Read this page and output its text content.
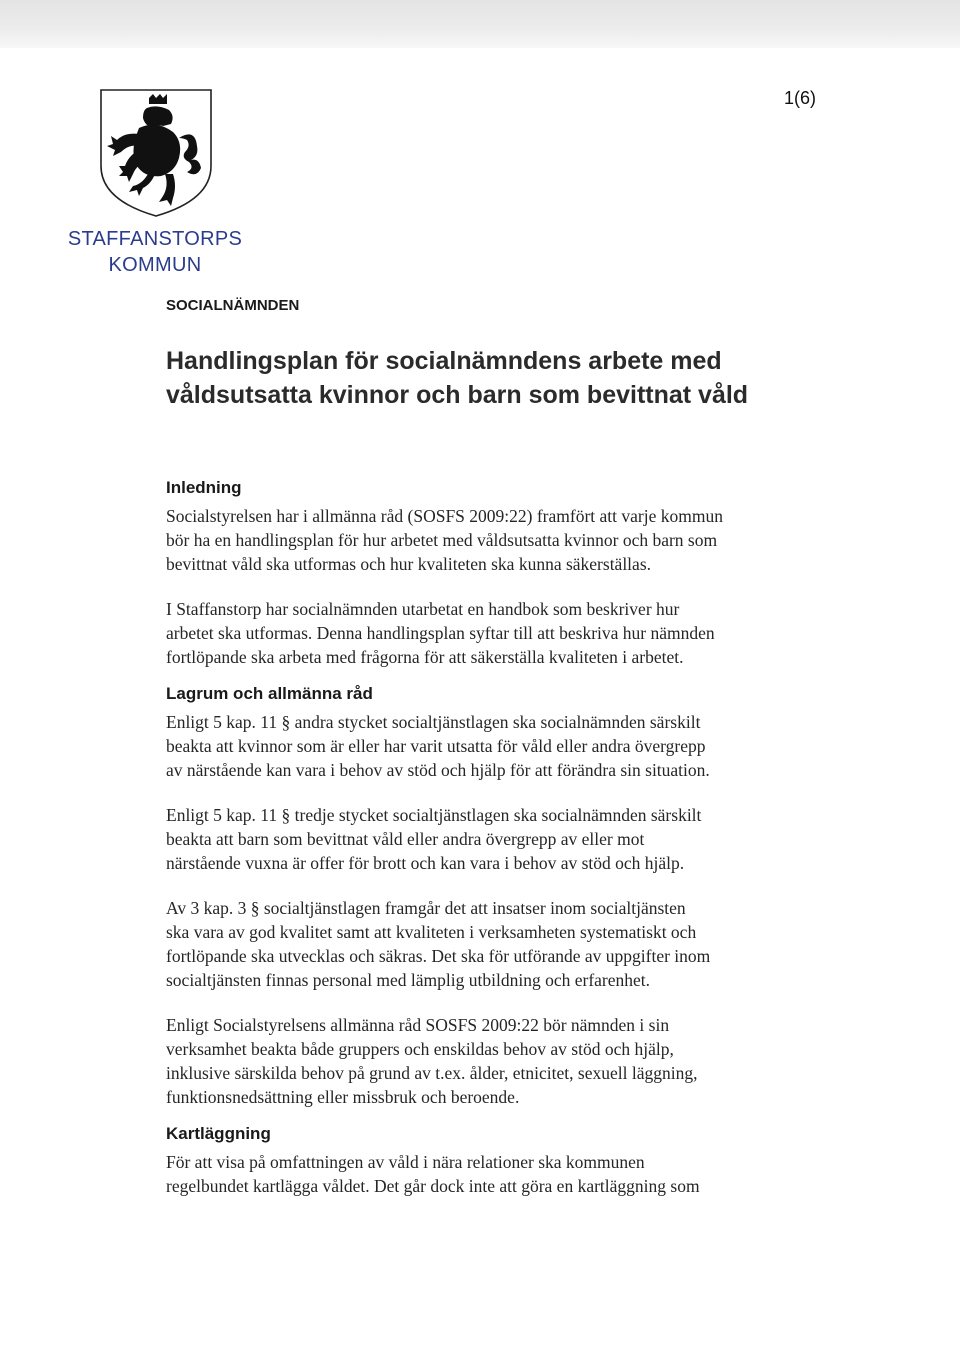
1(6)
STAFFANSTORPS
KOMMUN
SOCIALNÄMNDEN
Handlingsplan för socialnämndens arbete med
våldsutsatta kvinnor och barn som bevittnat våld
Inledning

Socialstyrelsen har i allmänna råd (SOSFS 2009:22) framfört att varje kommun
bör ha en handlingsplan för hur arbetet med våldsutsatta kvinnor och barn som
bevittnat våld ska utformas och hur kvaliteten ska kunna säkerställas.

I Staffanstorp har socialnämnden utarbetat en handbok som beskriver hur
arbetet ska utformas. Denna handlingsplan syftar till att beskriva hur nämnden
fortlöpande ska arbeta med frågorna för att säkerställa kvaliteten i arbetet.

Lagrum och allmänna råd

Enligt 5 kap. 11 § andra stycket socialtjänstlagen ska socialnämnden särskilt
beakta att kvinnor som är eller har varit utsatta för våld eller andra övergrepp
av närstående kan vara i behov av stöd och hjälp för att förändra sin situation.

Enligt 5 kap. 11 § tredje stycket socialtjänstlagen ska socialnämnden särskilt
beakta att barn som bevittnat våld eller andra övergrepp av eller mot
närstående vuxna är offer för brott och kan vara i behov av stöd och hjälp.

Av 3 kap. 3 § socialtjänstlagen framgår det att insatser inom socialtjänsten
ska vara av god kvalitet samt att kvaliteten i verksamheten systematiskt och
fortlöpande ska utvecklas och säkras. Det ska för utförande av uppgifter inom
socialtjänsten finnas personal med lämplig utbildning och erfarenhet.

Enligt Socialstyrelsens allmänna råd SOSFS 2009:22 bör nämnden i sin
verksamhet beakta både gruppers och enskildas behov av stöd och hjälp,
inklusive särskilda behov på grund av t.ex. ålder, etnicitet, sexuell läggning,
funktionsnedsättning eller missbruk och beroende.

Kartläggning

För att visa på omfattningen av våld i nära relationer ska kommunen
regelbundet kartlägga våldet. Det går dock inte att göra en kartläggning som
